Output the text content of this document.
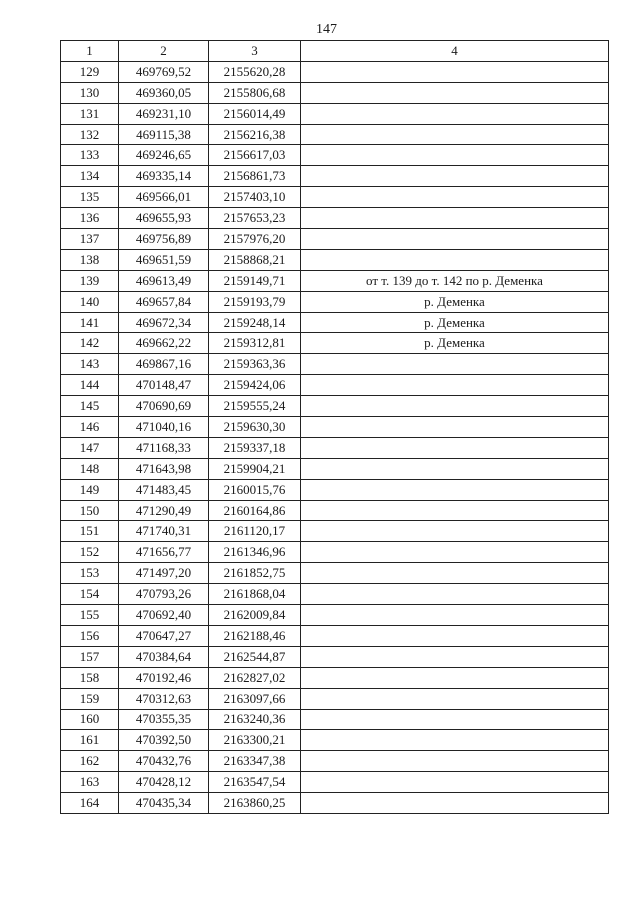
147
1	2	3	4
129	469769,52	2155620,28	
130	469360,05	2155806,68	
131	469231,10	2156014,49	
132	469115,38	2156216,38	
133	469246,65	2156617,03	
134	469335,14	2156861,73	
135	469566,01	2157403,10	
136	469655,93	2157653,23	
137	469756,89	2157976,20	
138	469651,59	2158868,21	
139	469613,49	2159149,71	от т. 139 до т. 142 по р. Деменка
140	469657,84	2159193,79	р. Деменка
141	469672,34	2159248,14	р. Деменка
142	469662,22	2159312,81	р. Деменка
143	469867,16	2159363,36	
144	470148,47	2159424,06	
145	470690,69	2159555,24	
146	471040,16	2159630,30	
147	471168,33	2159337,18	
148	471643,98	2159904,21	
149	471483,45	2160015,76	
150	471290,49	2160164,86	
151	471740,31	2161120,17	
152	471656,77	2161346,96	
153	471497,20	2161852,75	
154	470793,26	2161868,04	
155	470692,40	2162009,84	
156	470647,27	2162188,46	
157	470384,64	2162544,87	
158	470192,46	2162827,02	
159	470312,63	2163097,66	
160	470355,35	2163240,36	
161	470392,50	2163300,21	
162	470432,76	2163347,38	
163	470428,12	2163547,54	
164	470435,34	2163860,25	
